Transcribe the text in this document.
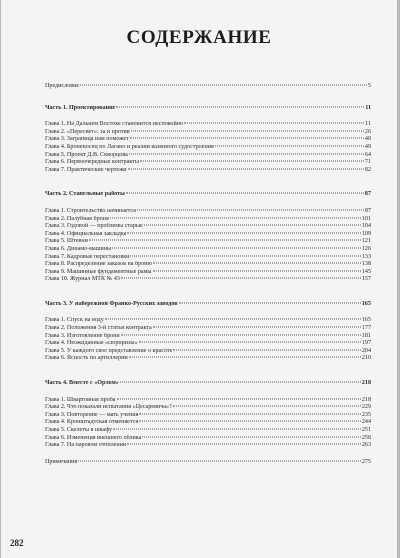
СОДЕРЖАНИЕ
Предисловие	5
Часть 1. Проектирование	11
Глава 1. На Дальнем Востоке становится неспокойно	11
Глава 2. «Пересвет»: за и против	26
Глава 3. Заграница нам поможет	40
Глава 4. Броненосец по Лагано и реалии казенного судостроения	49
Глава 5. Проект Д.В. Скворцова	64
Глава 6. Первоочередные контракты	71
Глава 7. Практические чертежи	82
Часть 2. Стапельные работы	87
Глава 1. Строительство начинается	87
Глава 2. Палубная броня	101
Глава 3. Годовой — проблемы старые	104
Глава 4. Официальная закладка	109
Глава 5. Штевни	121
Глава 6. Динамо-машины	126
Глава 7. Кадровые перестановки	133
Глава 8. Распределение заказов на броню	138
Глава 9. Машинные фундаментные рамы	145
Глава 10. Журнал МТК № 43	157
Часть 3. У набережной Франко-Русских заводов	165
Глава 1. Спуск на воду	165
Глава 2. Положения 3-й статьи контракта	177
Глава 3. Изготовление брони	181
Глава 4. Неожиданные «сюрпризы»	197
Глава 5. У каждого свое представление о красоте	204
Глава 6. Ясность по артиллерии	210
Часть 4. Вместе с «Орлом»	218
Глава 1. Швартовная проба	218
Глава 2. Что показали испытания «Цесаревича»?	229
Глава 3. Повторение — мать учения	235
Глава 4. Кронштадтская отменяется	244
Глава 5. Скелеты в шкафу	251
Глава 6. Изменения внешнего облика	258
Глава 7. На паровом отоплении	263
Примечания	275
282
